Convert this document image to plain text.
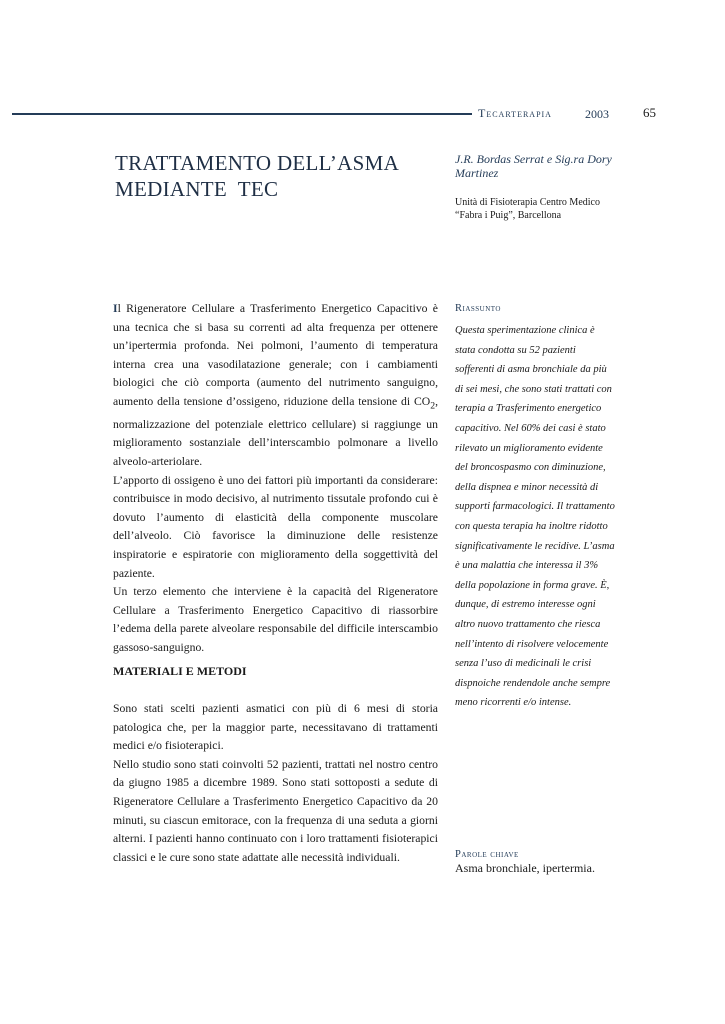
Tecarterapia	2003	65
TRATTAMENTO DELL’ASMA
MEDIANTE  TEC
J.R. Bordas Serrat e Sig.ra Dory Martinez
Unità di Fisioterapia Centro Medico “Fabra i Puig”, Barcellona

Il Rigeneratore Cellulare a Trasferimento Energetico Capacitivo è una tecnica che si basa su correnti ad alta frequenza per ottenere un’ipertermia profonda. Nei polmoni, l’aumento di temperatura interna crea una vasodilatazione generale; con i cambiamenti biologici che ciò comporta (aumento del nutrimento sanguigno, aumento della tensione d’ossigeno, riduzione della tensione di $CO_2$, normalizzazione del potenziale elettrico cellulare) si raggiunge un miglioramento sostanziale dell’interscambio polmonare a livello alveolo-arteriolare.

L’apporto di ossigeno è uno dei fattori più importanti da considerare: contribuisce in modo decisivo, al nutrimento tissutale profondo cui è dovuto l’aumento di elasticità della componente muscolare dell’alveolo. Ciò favorisce la diminuzione delle resistenze inspiratorie e espiratorie con miglioramento della soggettività del paziente.

Un terzo elemento che interviene è la capacità del Rigeneratore Cellulare a Trasferimento Energetico Capacitivo di riassorbire l’edema della parete alveolare responsabile del difficile interscambio gassoso-sanguigno.

MATERIALI E METODI

Sono stati scelti pazienti asmatici con più di 6 mesi di storia patologica che, per la maggior parte, necessitavano di trattamenti medici e/o fisioterapici.

Nello studio sono stati coinvolti 52 pazienti, trattati nel nostro centro da giugno 1985 a dicembre 1989. Sono stati sottoposti a sedute di Rigeneratore Cellulare a Trasferimento Energetico Capacitivo da 20 minuti, su ciascun emitorace, con la frequenza di una seduta a giorni alterni. I pazienti hanno continuato con i loro trattamenti fisioterapici classici e le cure sono state adattate alle necessità individuali.

Riassunto

Questa sperimentazione clinica è stata condotta su 52 pazienti sofferenti di asma bronchiale da più di sei mesi, che sono stati trattati con terapia a Trasferimento energetico capacitivo. Nel 60% dei casi è stato rilevato un miglioramento evidente del broncospasmo con diminuzione, della dispnea e minor necessità di supporti farmacologici. Il trattamento con questa terapia ha inoltre ridotto significativamente le recidive. L’asma è una malattia che interessa il 3% della popolazione in forma grave. È, dunque, di estremo interesse ogni altro nuovo trattamento che riesca nell’intento di risolvere velocemente senza l’uso di medicinali le crisi dispnoiche rendendole anche sempre meno ricorrenti e/o intense.

Parole chiave
Asma bronchiale, ipertermia.
